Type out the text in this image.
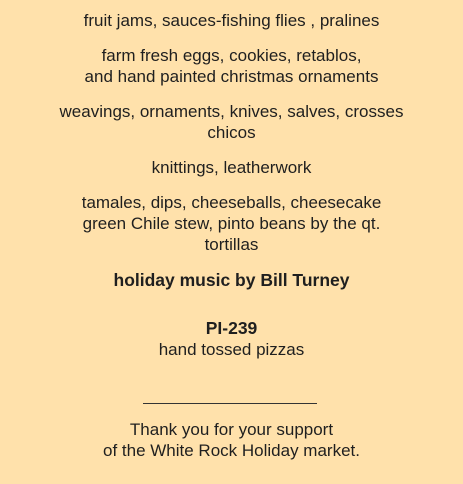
fruit jams, sauces-fishing flies , pralines
farm fresh eggs, cookies, retablos,
and hand painted christmas ornaments
weavings, ornaments, knives, salves, crosses
chicos
knittings, leatherwork
tamales, dips, cheeseballs, cheesecake
green Chile stew, pinto beans by the qt.
tortillas
holiday music by Bill Turney
PI-239
hand tossed pizzas
Thank you for your support
of the White Rock Holiday market.
